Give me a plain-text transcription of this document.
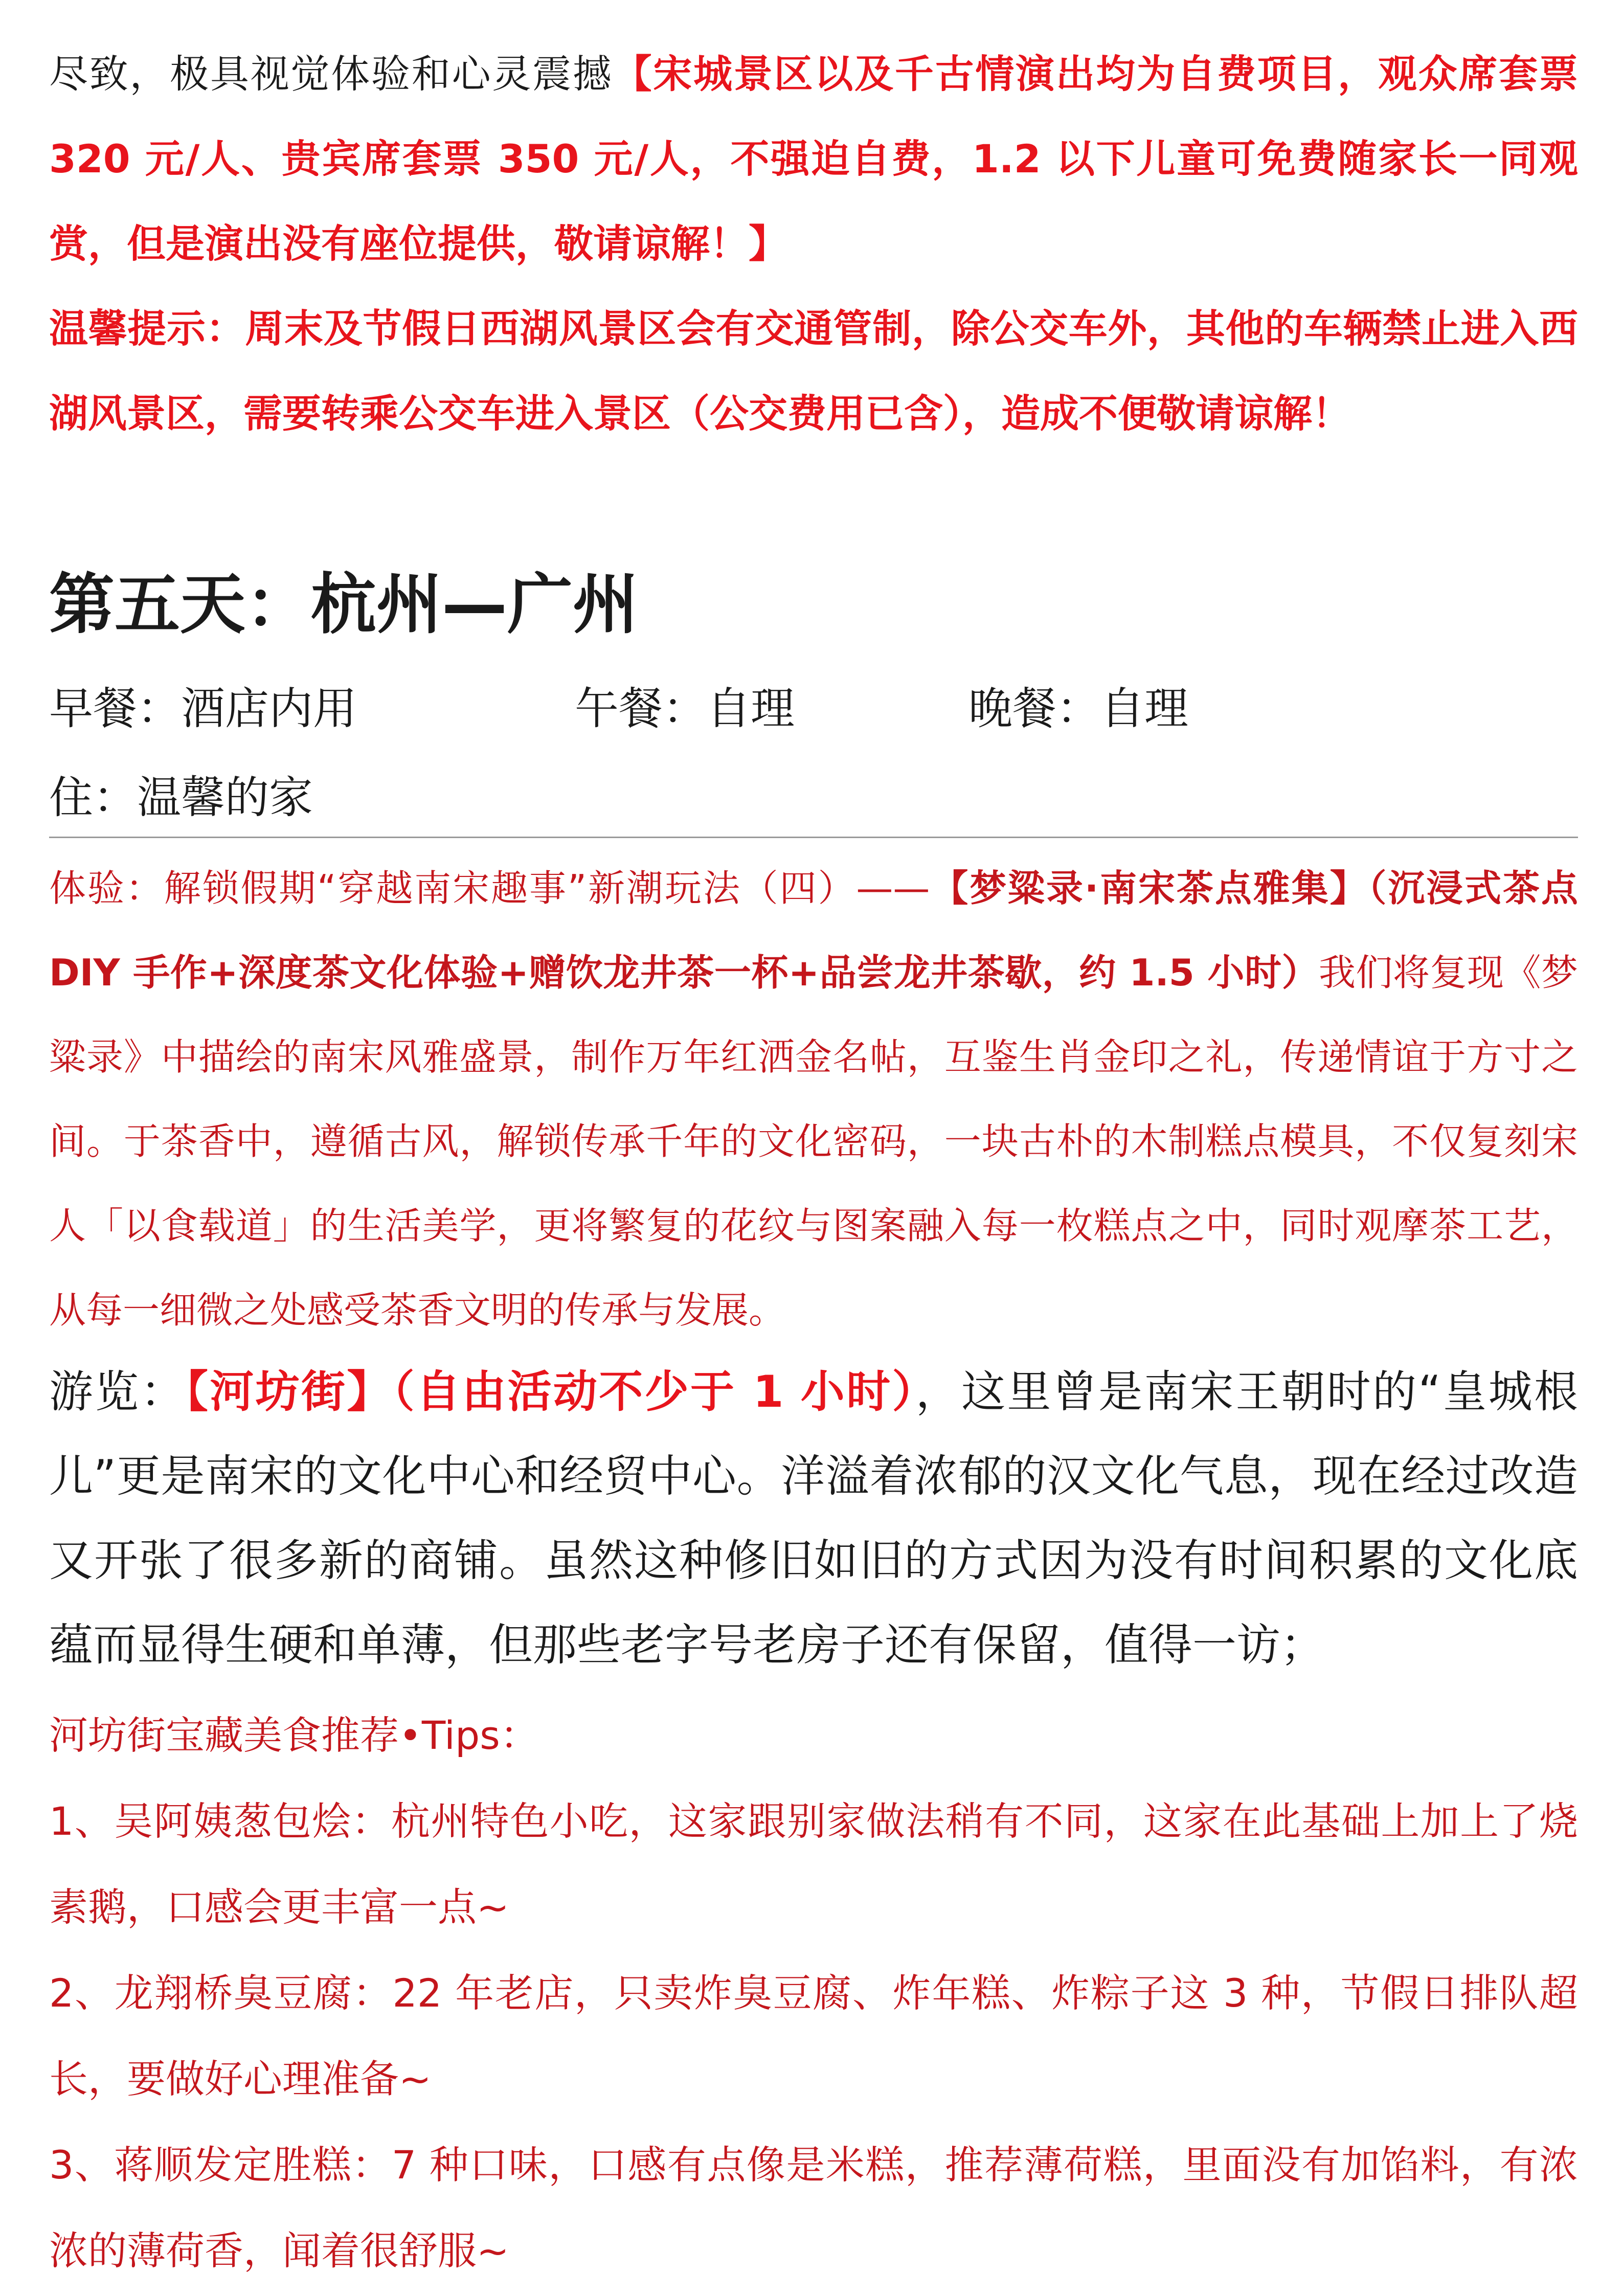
尽致，极具视觉体验和心灵震撼【宋城景区以及千古情演出均为自费项目，观众席套票 320 元/人、贵宾席套票 350 元/人，不强迫自费，1.2 以下儿童可免费随家长一同观赏，但是演出没有座位提供，敬请谅解！】
温馨提示：周末及节假日西湖风景区会有交通管制，除公交车外，其他的车辆禁止进入西湖风景区，需要转乘公交车进入景区（公交费用已含），造成不便敬请谅解！
第五天：杭州—广州
早餐：酒店内用	午餐：自理	晚餐：自理
住：温馨的家
体验：解锁假期“穿越南宋趣事”新潮玩法（四）——【梦粱录·南宋茶点雅集】（沉浸式茶点 DIY 手作+深度茶文化体验+赠饮龙井茶一杯+品尝龙井茶歇，约 1.5 小时）我们将复现《梦粱录》中描绘的南宋风雅盛景，制作万年红洒金名帖，互鉴生肖金印之礼，传递情谊于方寸之间。于茶香中，遵循古风，解锁传承千年的文化密码，一块古朴的木制糕点模具，不仅复刻宋人「以食载道」的生活美学，更将繁复的花纹与图案融入每一枚糕点之中，同时观摩茶工艺，从每一细微之处感受茶香文明的传承与发展。
游览：【河坊街】（自由活动不少于 1 小时），这里曾是南宋王朝时的“皇城根儿”更是南宋的文化中心和经贸中心。洋溢着浓郁的汉文化气息，现在经过改造又开张了很多新的商铺。虽然这种修旧如旧的方式因为没有时间积累的文化底蕴而显得生硬和单薄，但那些老字号老房子还有保留，值得一访；
河坊街宝藏美食推荐•Tips：
1、吴阿姨葱包烩：杭州特色小吃，这家跟别家做法稍有不同，这家在此基础上加上了烧素鹅，口感会更丰富一点~
2、龙翔桥臭豆腐：22 年老店，只卖炸臭豆腐、炸年糕、炸粽子这 3 种，节假日排队超长，要做好心理准备~
3、蒋顺发定胜糕：7 种口味，口感有点像是米糕，推荐薄荷糕，里面没有加馅料，有浓浓的薄荷香，闻着很舒服~
